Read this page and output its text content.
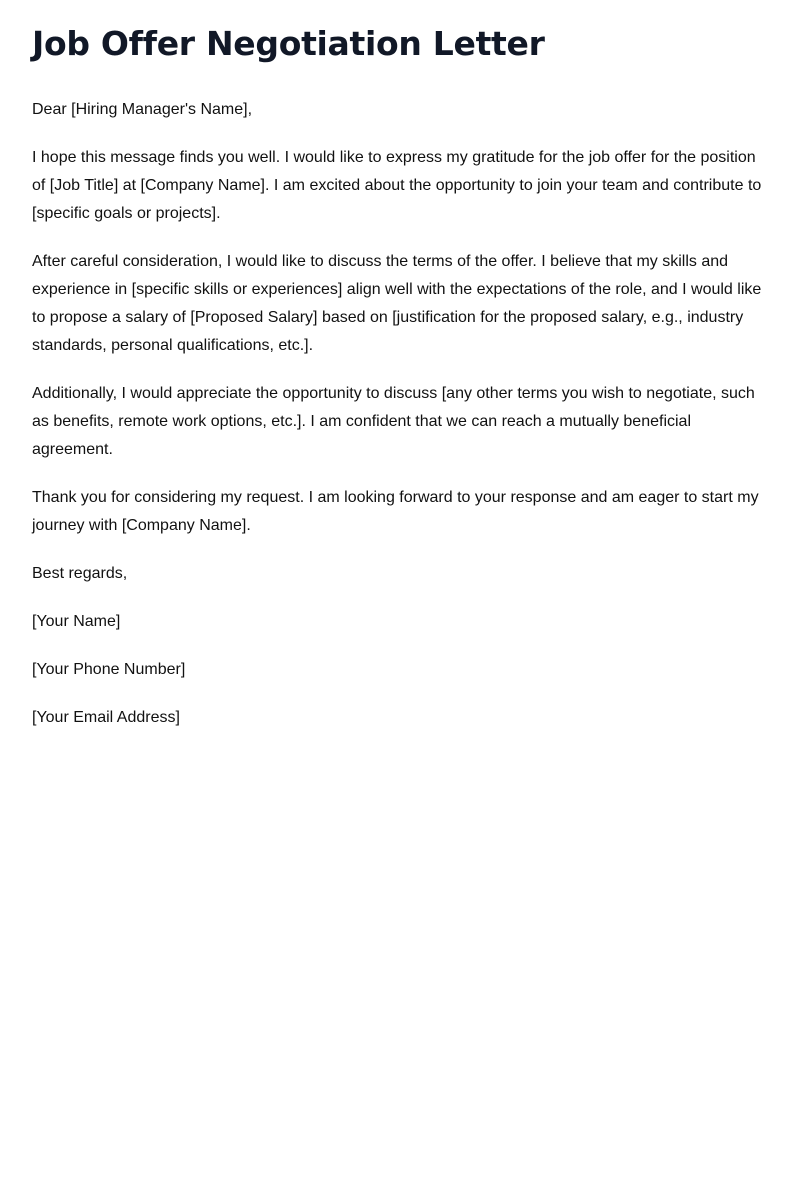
Job Offer Negotiation Letter

Dear [Hiring Manager's Name],

I hope this message finds you well. I would like to express my gratitude for the job offer for the position of [Job Title] at [Company Name]. I am excited about the opportunity to join your team and contribute to [specific goals or projects].

After careful consideration, I would like to discuss the terms of the offer. I believe that my skills and experience in [specific skills or experiences] align well with the expectations of the role, and I would like to propose a salary of [Proposed Salary] based on [justification for the proposed salary, e.g., industry standards, personal qualifications, etc.].

Additionally, I would appreciate the opportunity to discuss [any other terms you wish to negotiate, such as benefits, remote work options, etc.]. I am confident that we can reach a mutually beneficial agreement.

Thank you for considering my request. I am looking forward to your response and am eager to start my journey with [Company Name].

Best regards,

[Your Name]

[Your Phone Number]

[Your Email Address]
